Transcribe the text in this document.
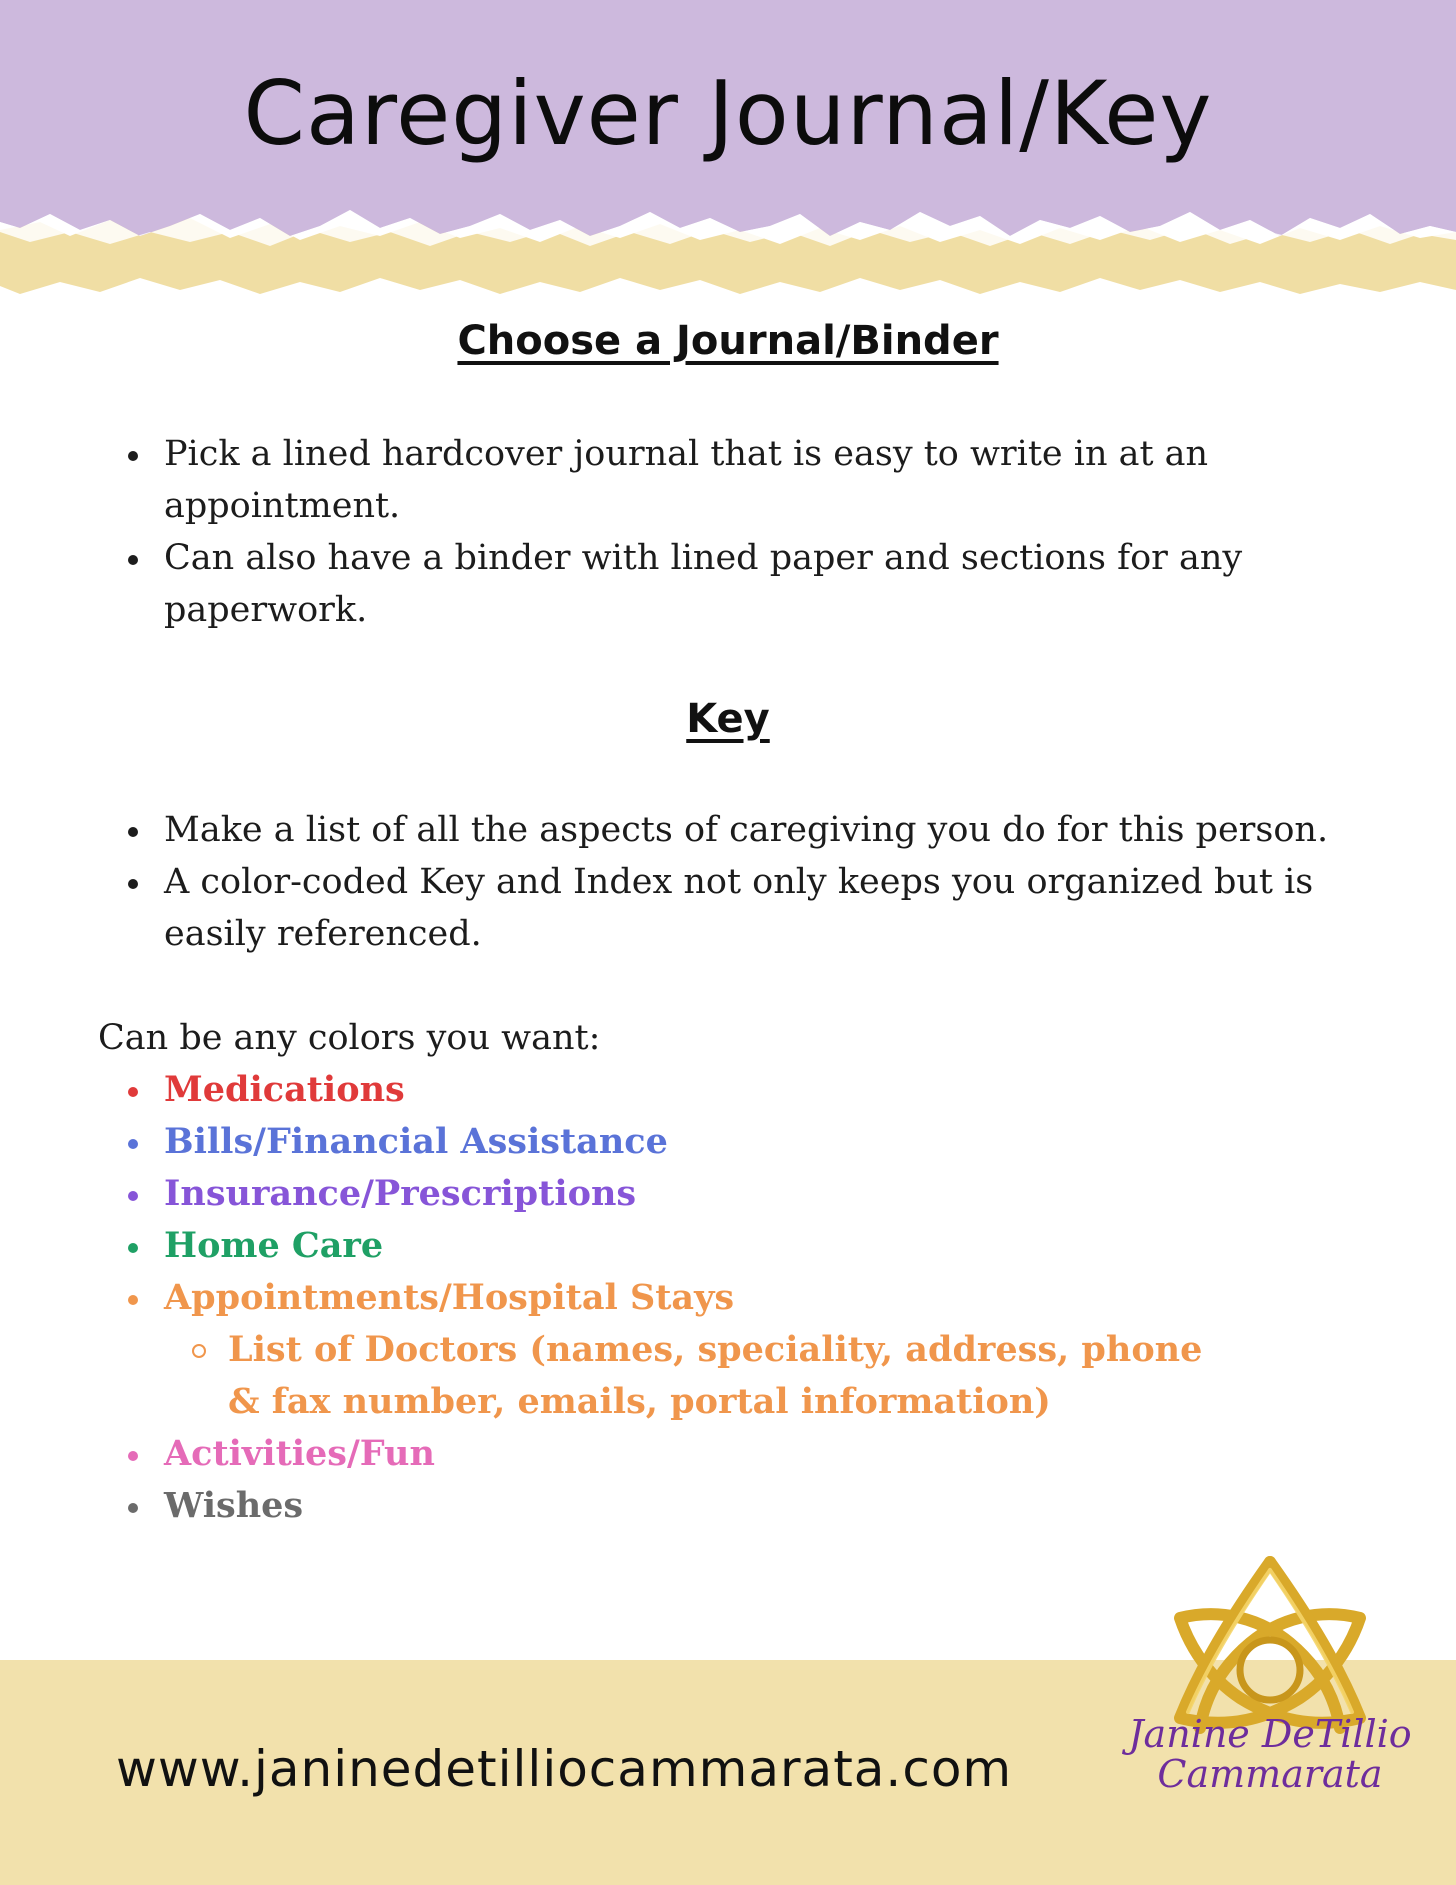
Caregiver Journal/Key
Choose a Journal/Binder
Pick a lined hardcover journal that is easy to write in at an appointment.
Can also have a binder with lined paper and sections for any paperwork.
Key
Make a list of all the aspects of caregiving you do for this person.
A color-coded Key and Index not only keeps you organized but is easily referenced.

Can be any colors you want:

Medications
Bills/Financial Assistance
Insurance/Prescriptions
Home Care
Appointments/Hospital Stays
List of Doctors (names, speciality, address, phone & fax number, emails, portal information)
Activities/Fun
Wishes

www.janinedetilliocammarata.com

Janine DeTillio
Cammarata
